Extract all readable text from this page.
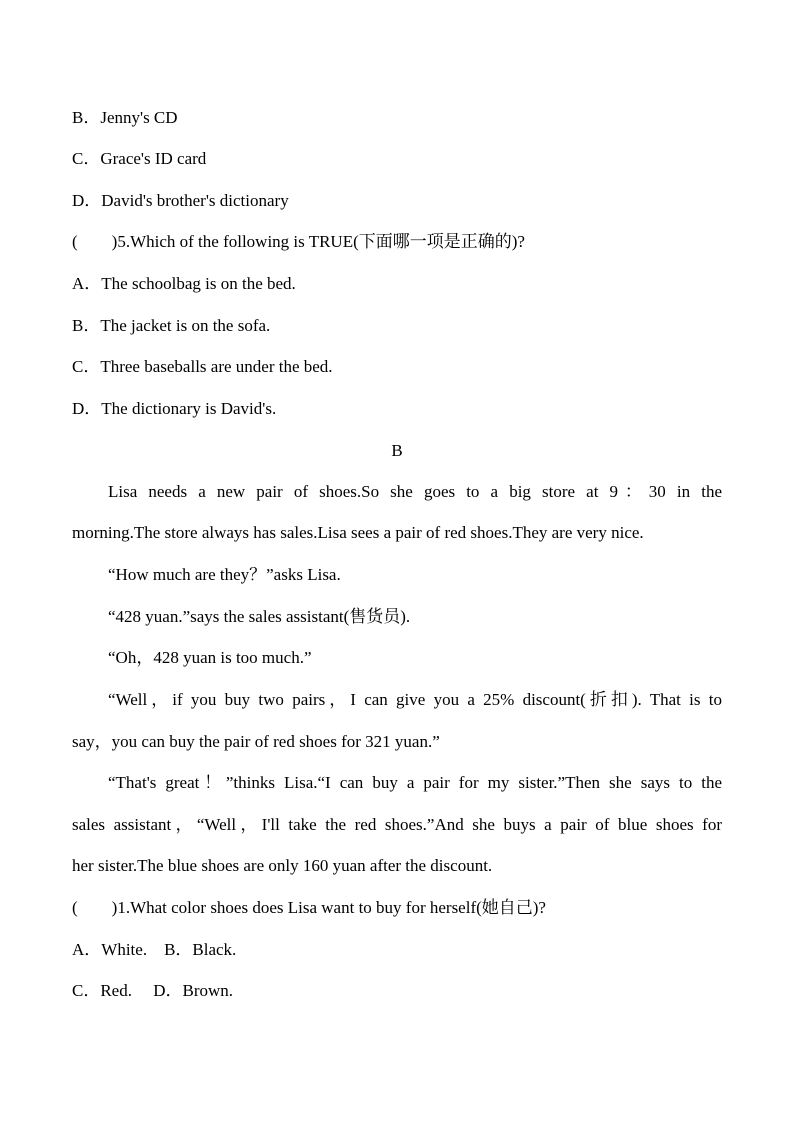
B．Jenny's CD
C．Grace's ID card
D．David's brother's dictionary
(　　)5.Which of the following is TRUE(下面哪一项是正确的)?
A．The schoolbag is on the bed.
B．The jacket is on the sofa.
C．Three baseballs are under the bed.
D．The dictionary is David's.
B
Lisa needs a new pair of shoes.So she goes to a big store at 9：30 in the
morning.The store always has sales.Lisa sees a pair of red shoes.They are very nice.
“How much are they？”asks Lisa.
“428 yuan.”says the sales assistant(售货员).
“Oh，428 yuan is too much.”
“Well，if you buy two pairs，I can give you a 25% discount(折扣). That is to
say，you can buy the pair of red shoes for 321 yuan.”
“That's great！”thinks Lisa.“I can buy a pair for my sister.”Then she says to the
sales assistant，“Well，I'll take the red shoes.”And she buys a pair of blue shoes for
her sister.The blue shoes are only 160 yuan after the discount.
(　　)1.What color shoes does Lisa want to buy for herself(她自己)?
A．White.　B．Black.
C．Red.　 D．Brown.
